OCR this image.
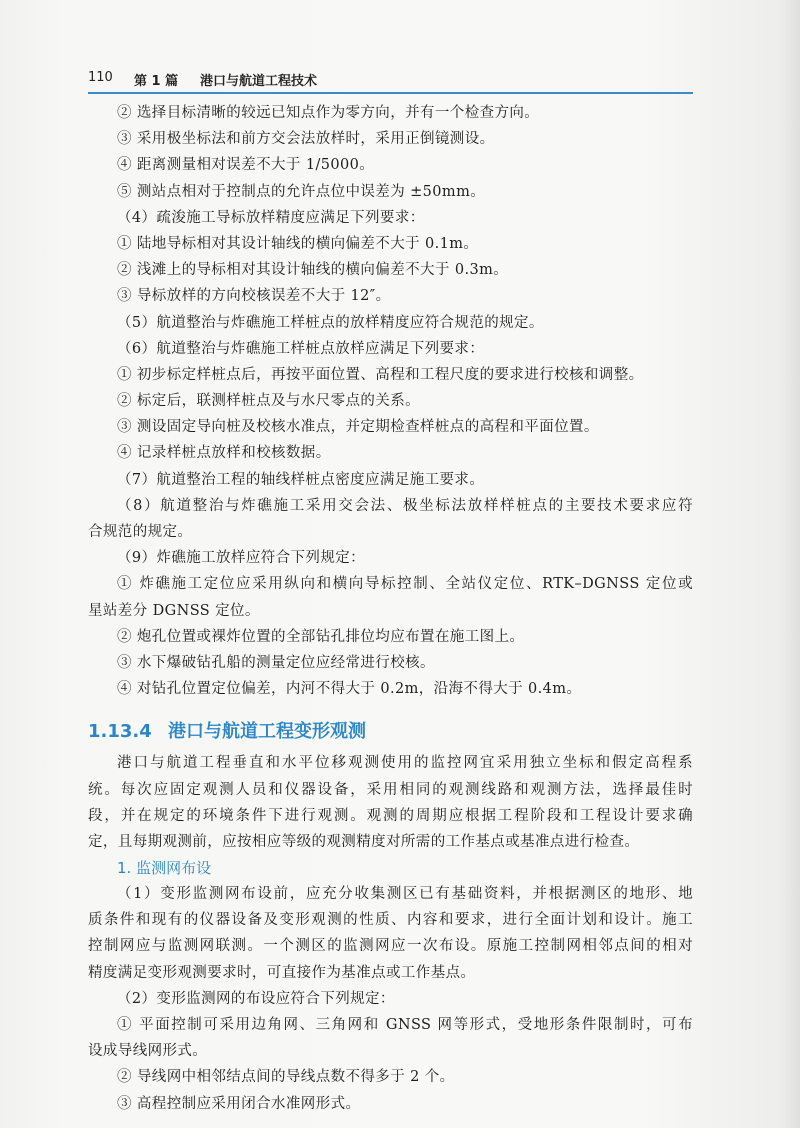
110 第 1 篇 港口与航道工程技术
② 选择目标清晰的较远已知点作为零方向，并有一个检查方向。
③ 采用极坐标法和前方交会法放样时，采用正倒镜测设。
④ 距离测量相对误差不大于 1/5000。
⑤ 测站点相对于控制点的允许点位中误差为 ±50mm。
（4）疏浚施工导标放样精度应满足下列要求：
① 陆地导标相对其设计轴线的横向偏差不大于 0.1m。
② 浅滩上的导标相对其设计轴线的横向偏差不大于 0.3m。
③ 导标放样的方向校核误差不大于 12″。
（5）航道整治与炸礁施工样桩点的放样精度应符合规范的规定。
（6）航道整治与炸礁施工样桩点放样应满足下列要求：
① 初步标定样桩点后，再按平面位置、高程和工程尺度的要求进行校核和调整。
② 标定后，联测样桩点及与水尺零点的关系。
③ 测设固定导向桩及校核水准点，并定期检查样桩点的高程和平面位置。
④ 记录样桩点放样和校核数据。
（7）航道整治工程的轴线样桩点密度应满足施工要求。
（8）航道整治与炸礁施工采用交会法、极坐标法放样样桩点的主要技术要求应符
合规范的规定。
（9）炸礁施工放样应符合下列规定：
① 炸礁施工定位应采用纵向和横向导标控制、全站仪定位、RTK–DGNSS 定位或
星站差分 DGNSS 定位。
② 炮孔位置或裸炸位置的全部钻孔排位均应布置在施工图上。
③ 水下爆破钻孔船的测量定位应经常进行校核。
④ 对钻孔位置定位偏差，内河不得大于 0.2m，沿海不得大于 0.4m。
1.13.4 港口与航道工程变形观测
港口与航道工程垂直和水平位移观测使用的监控网宜采用独立坐标和假定高程系
统。每次应固定观测人员和仪器设备，采用相同的观测线路和观测方法，选择最佳时
段，并在规定的环境条件下进行观测。观测的周期应根据工程阶段和工程设计要求确
定，且每期观测前，应按相应等级的观测精度对所需的工作基点或基准点进行检查。
1. 监测网布设
（1）变形监测网布设前，应充分收集测区已有基础资料，并根据测区的地形、地
质条件和现有的仪器设备及变形观测的性质、内容和要求，进行全面计划和设计。施工
控制网应与监测网联测。一个测区的监测网应一次布设。原施工控制网相邻点间的相对
精度满足变形观测要求时，可直接作为基准点或工作基点。
（2）变形监测网的布设应符合下列规定：
① 平面控制可采用边角网、三角网和 GNSS 网等形式，受地形条件限制时，可布
设成导线网形式。
② 导线网中相邻结点间的导线点数不得多于 2 个。
③ 高程控制应采用闭合水准网形式。
